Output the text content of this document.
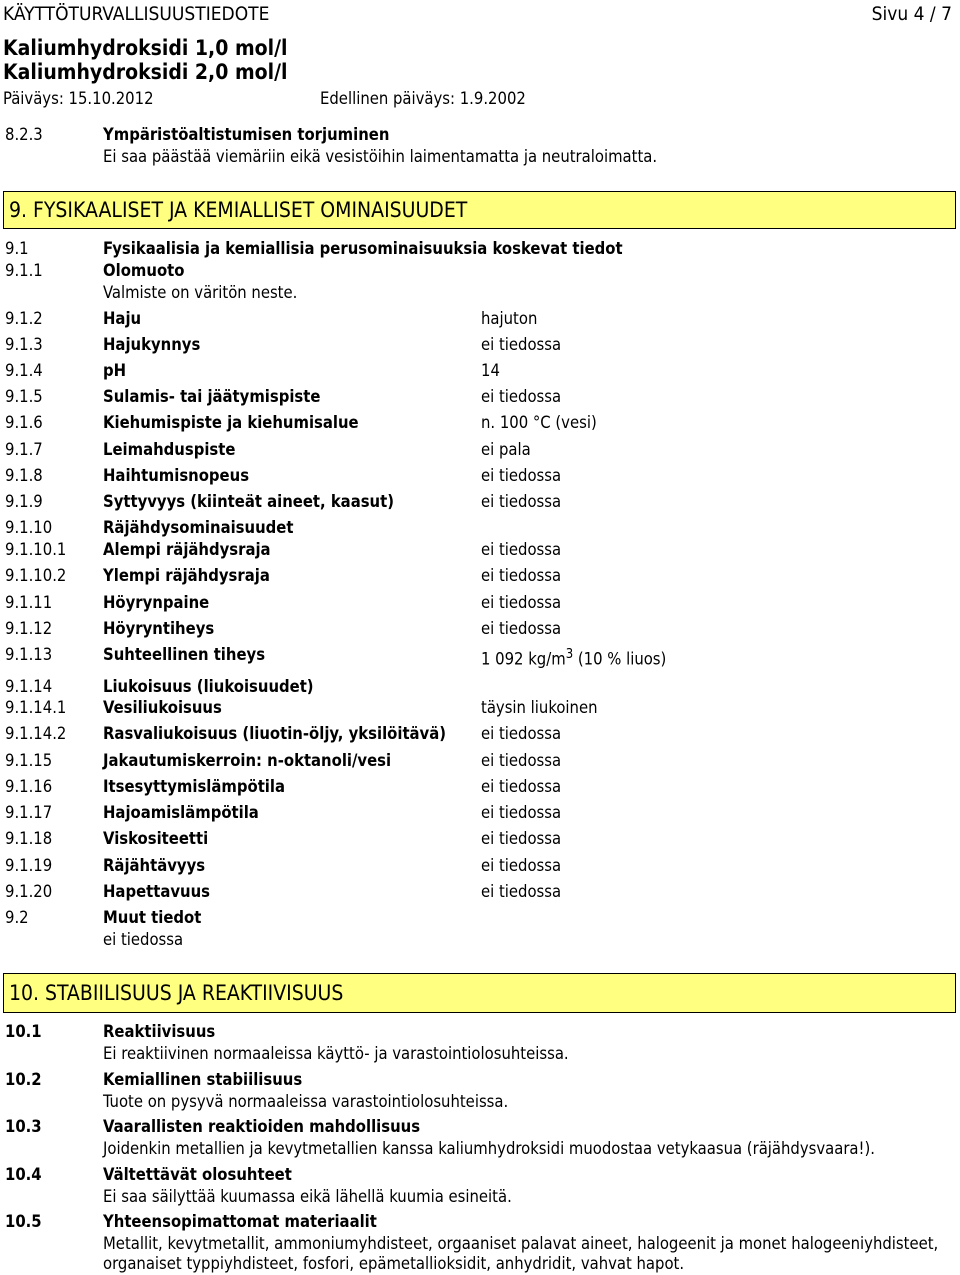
KÄYTTÖTURVALLISUUSTIEDOTE	Sivu 4 / 7
Kaliumhydroksidi 1,0 mol/l
Kaliumhydroksidi 2,0 mol/l
Päiväys: 15.10.2012	Edellinen päiväys: 1.9.2002
8.2.3	Ympäristöaltistumisen torjuminen
Ei saa päästää viemäriin eikä vesistöihin laimentamatta ja neutraloimatta.
9. FYSIKAALISET JA KEMIALLISET OMINAISUUDET
9.1	Fysikaalisia ja kemiallisia perusominaisuuksia koskevat tiedot
9.1.1	Olomuoto
Valmiste on väritön neste.
9.1.2	Haju	hajuton
9.1.3	Hajukynnys	ei tiedossa
9.1.4	pH	14
9.1.5	Sulamis- tai jäätymispiste	ei tiedossa
9.1.6	Kiehumispiste ja kiehumisalue	n. 100 °C (vesi)
9.1.7	Leimahduspiste	ei pala
9.1.8	Haihtumisnopeus	ei tiedossa
9.1.9	Syttyvyys (kiinteät aineet, kaasut)	ei tiedossa
9.1.10	Räjähdysominaisuudet
9.1.10.1 Alempi räjähdysraja	ei tiedossa
9.1.10.2 Ylempi räjähdysraja	ei tiedossa
9.1.11	Höyrynpaine	ei tiedossa
9.1.12	Höyryntiheys	ei tiedossa
9.1.13	Suhteellinen tiheys	1 092 $kg/m^3$ (10 % liuos)
9.1.14	Liukoisuus (liukoisuudet)
9.1.14.1 Vesiliukoisuus	täysin liukoinen
9.1.14.2 Rasvaliukoisuus (liuotin-öljy, yksilöitävä) ei tiedossa
9.1.15	Jakautumiskerroin: n-oktanoli/vesi	ei tiedossa
9.1.16	Itsesyttymislämpötila	ei tiedossa
9.1.17	Hajoamislämpötila	ei tiedossa
9.1.18	Viskositeetti	ei tiedossa
9.1.19	Räjähtävyys	ei tiedossa
9.1.20	Hapettavuus	ei tiedossa
9.2	Muut tiedot
ei tiedossa
10. STABIILISUUS JA REAKTIIVISUUS
10.1	Reaktiivisuus
Ei reaktiivinen normaaleissa käyttö- ja varastointiolosuhteissa.
10.2	Kemiallinen stabiilisuus
Tuote on pysyvä normaaleissa varastointiolosuhteissa.
10.3	Vaarallisten reaktioiden mahdollisuus
Joidenkin metallien ja kevytmetallien kanssa kaliumhydroksidi muodostaa vetykaasua (räjähdysvaara!).
10.4	Vältettävät olosuhteet
Ei saa säilyttää kuumassa eikä lähellä kuumia esineitä.
10.5	Yhteensopimattomat materiaalit
Metallit, kevytmetallit, ammoniumyhdisteet, orgaaniset palavat aineet, halogeenit ja monet halogeeniyhdisteet,
organaiset typpiyhdisteet, fosfori, epämetallioksidit, anhydridit, vahvat hapot.
